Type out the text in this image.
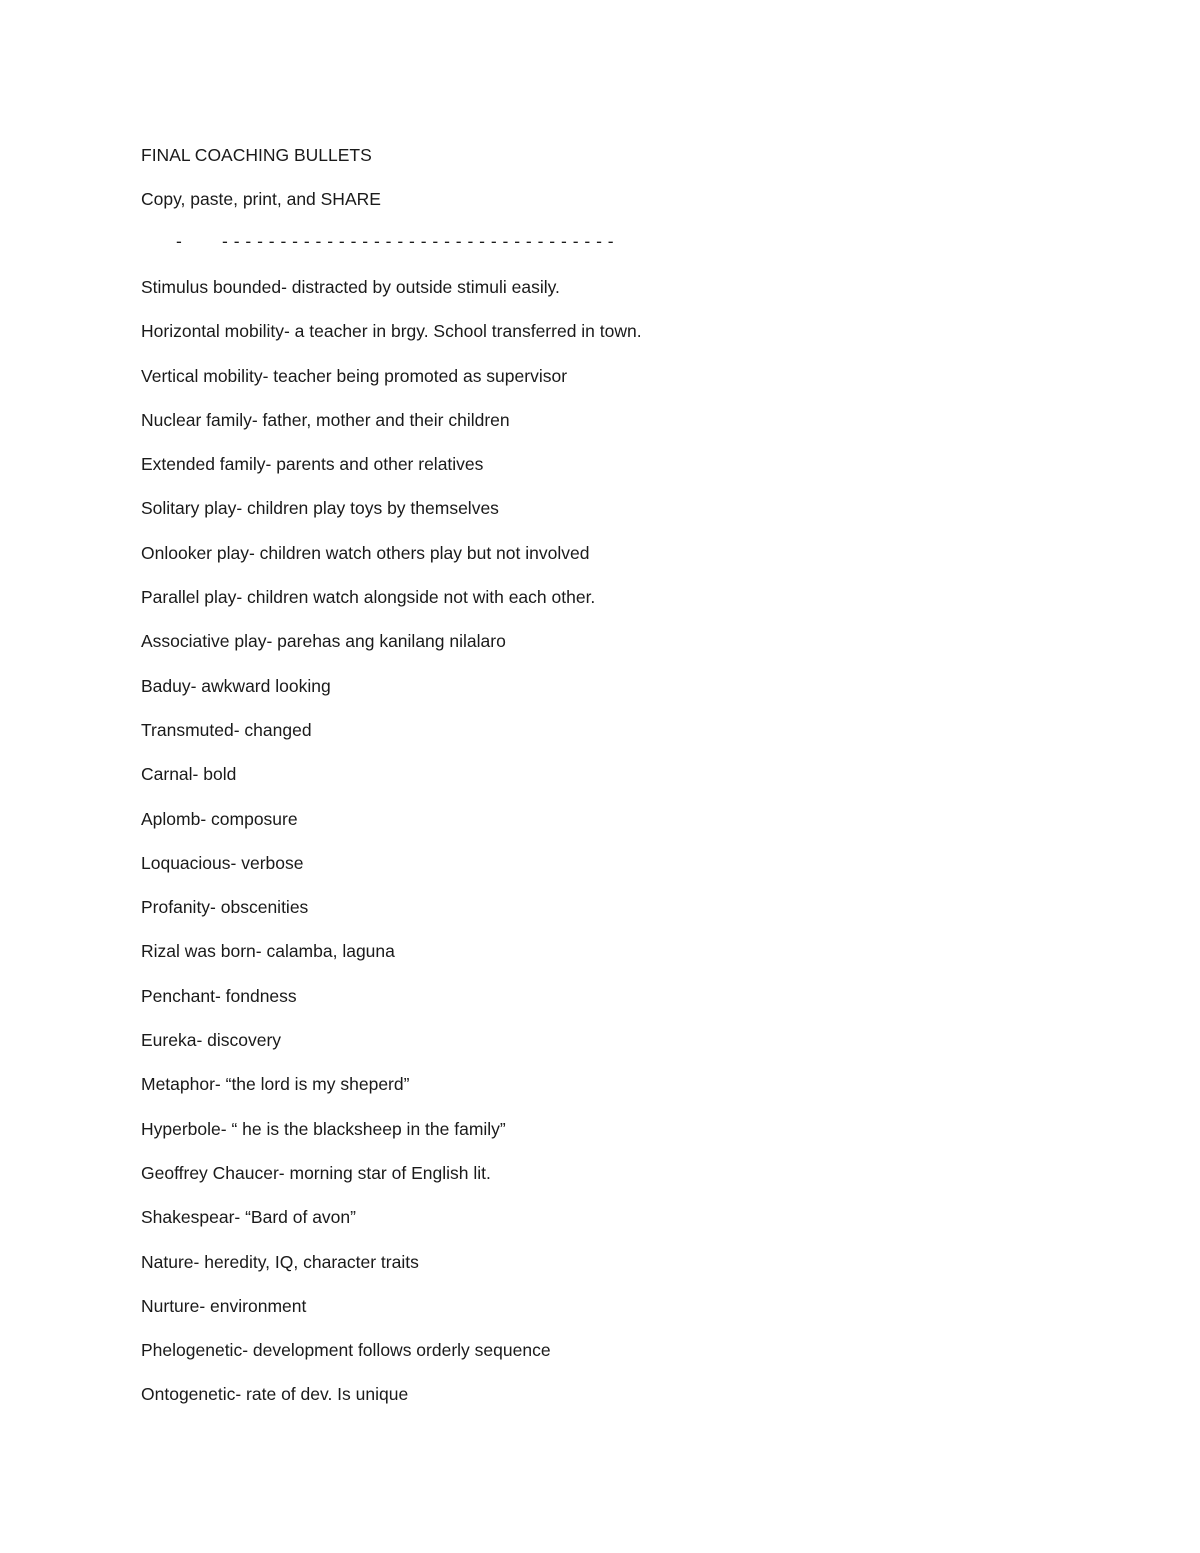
FINAL COACHING BULLETS

Copy, paste, print, and SHARE

-	- - - - - - - - - - - - - - - - - - - - - - - - - - - - - - - - - -

Stimulus bounded- distracted by outside stimuli easily.

Horizontal mobility- a teacher in brgy. School transferred in town.

Vertical mobility- teacher being promoted as supervisor

Nuclear family- father, mother and their children

Extended family- parents and other relatives

Solitary play- children play toys by themselves

Onlooker play- children watch others play but not involved

Parallel play- children watch alongside not with each other.

Associative play- parehas ang kanilang nilalaro

Baduy- awkward looking

Transmuted- changed

Carnal- bold

Aplomb- composure

Loquacious- verbose

Profanity- obscenities

Rizal was born- calamba, laguna

Penchant- fondness

Eureka- discovery

Metaphor- “the lord is my sheperd”

Hyperbole- “ he is the blacksheep in the family”

Geoffrey Chaucer- morning star of English lit.

Shakespear- “Bard of avon”

Nature- heredity, IQ, character traits

Nurture- environment

Phelogenetic- development follows orderly sequence

Ontogenetic- rate of dev. Is unique
